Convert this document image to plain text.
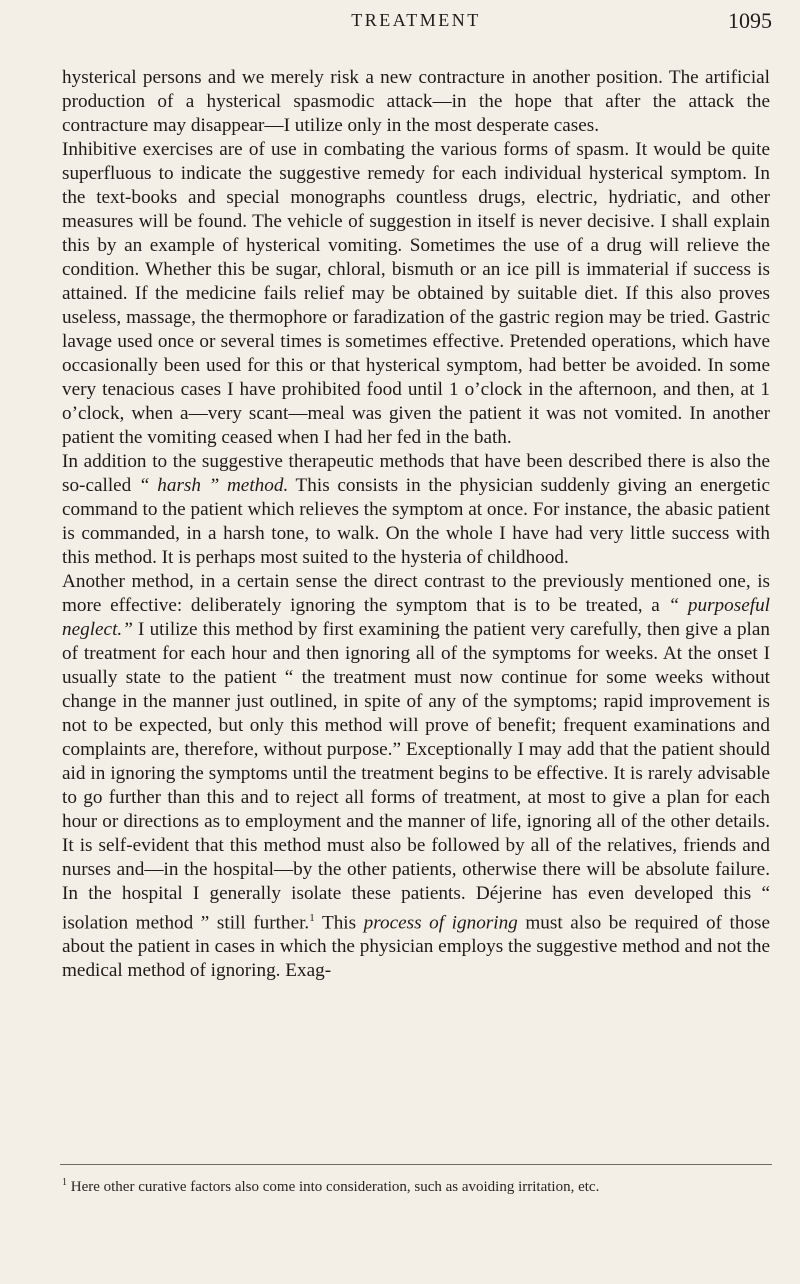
TREATMENT	1095

hysterical persons and we merely risk a new contracture in another position. The artificial production of a hysterical spasmodic attack—in the hope that after the attack the contracture may disappear—I utilize only in the most desperate cases.

Inhibitive exercises are of use in combating the various forms of spasm. It would be quite superfluous to indicate the suggestive remedy for each individual hysterical symptom. In the text-books and special monographs countless drugs, electric, hydriatic, and other measures will be found. The vehicle of suggestion in itself is never decisive. I shall explain this by an example of hysterical vomiting. Sometimes the use of a drug will relieve the condition. Whether this be sugar, chloral, bismuth or an ice pill is immaterial if success is attained. If the medicine fails relief may be obtained by suitable diet. If this also proves useless, massage, the thermophore or faradization of the gastric region may be tried. Gastric lavage used once or several times is sometimes effective. Pretended operations, which have occasionally been used for this or that hysterical symptom, had better be avoided. In some very tenacious cases I have prohibited food until 1 o’clock in the afternoon, and then, at 1 o’clock, when a—very scant—meal was given the patient it was not vomited. In another patient the vomiting ceased when I had her fed in the bath.

In addition to the suggestive therapeutic methods that have been described there is also the so-called “ harsh ” method. This consists in the physician suddenly giving an energetic command to the patient which relieves the symptom at once. For instance, the abasic patient is commanded, in a harsh tone, to walk. On the whole I have had very little success with this method. It is perhaps most suited to the hysteria of childhood.

Another method, in a certain sense the direct contrast to the previously mentioned one, is more effective: deliberately ignoring the symptom that is to be treated, a “ purposeful neglect.” I utilize this method by first examining the patient very carefully, then give a plan of treatment for each hour and then ignoring all of the symptoms for weeks. At the onset I usually state to the patient “ the treatment must now continue for some weeks without change in the manner just outlined, in spite of any of the symptoms; rapid improvement is not to be expected, but only this method will prove of benefit; frequent examinations and complaints are, therefore, without purpose.” Exceptionally I may add that the patient should aid in ignoring the symptoms until the treatment begins to be effective. It is rarely advisable to go further than this and to reject all forms of treatment, at most to give a plan for each hour or directions as to employment and the manner of life, ignoring all of the other details. It is self-evident that this method must also be followed by all of the relatives, friends and nurses and—in the hospital—by the other patients, otherwise there will be absolute failure. In the hospital I generally isolate these patients. Déjerine has even developed this “ isolation method ” still further.$^1$ This process of ignoring must also be required of those about the patient in cases in which the physician employs the suggestive method and not the medical method of ignoring. Exag-

$^1$ Here other curative factors also come into consideration, such as avoiding irritation, etc.
